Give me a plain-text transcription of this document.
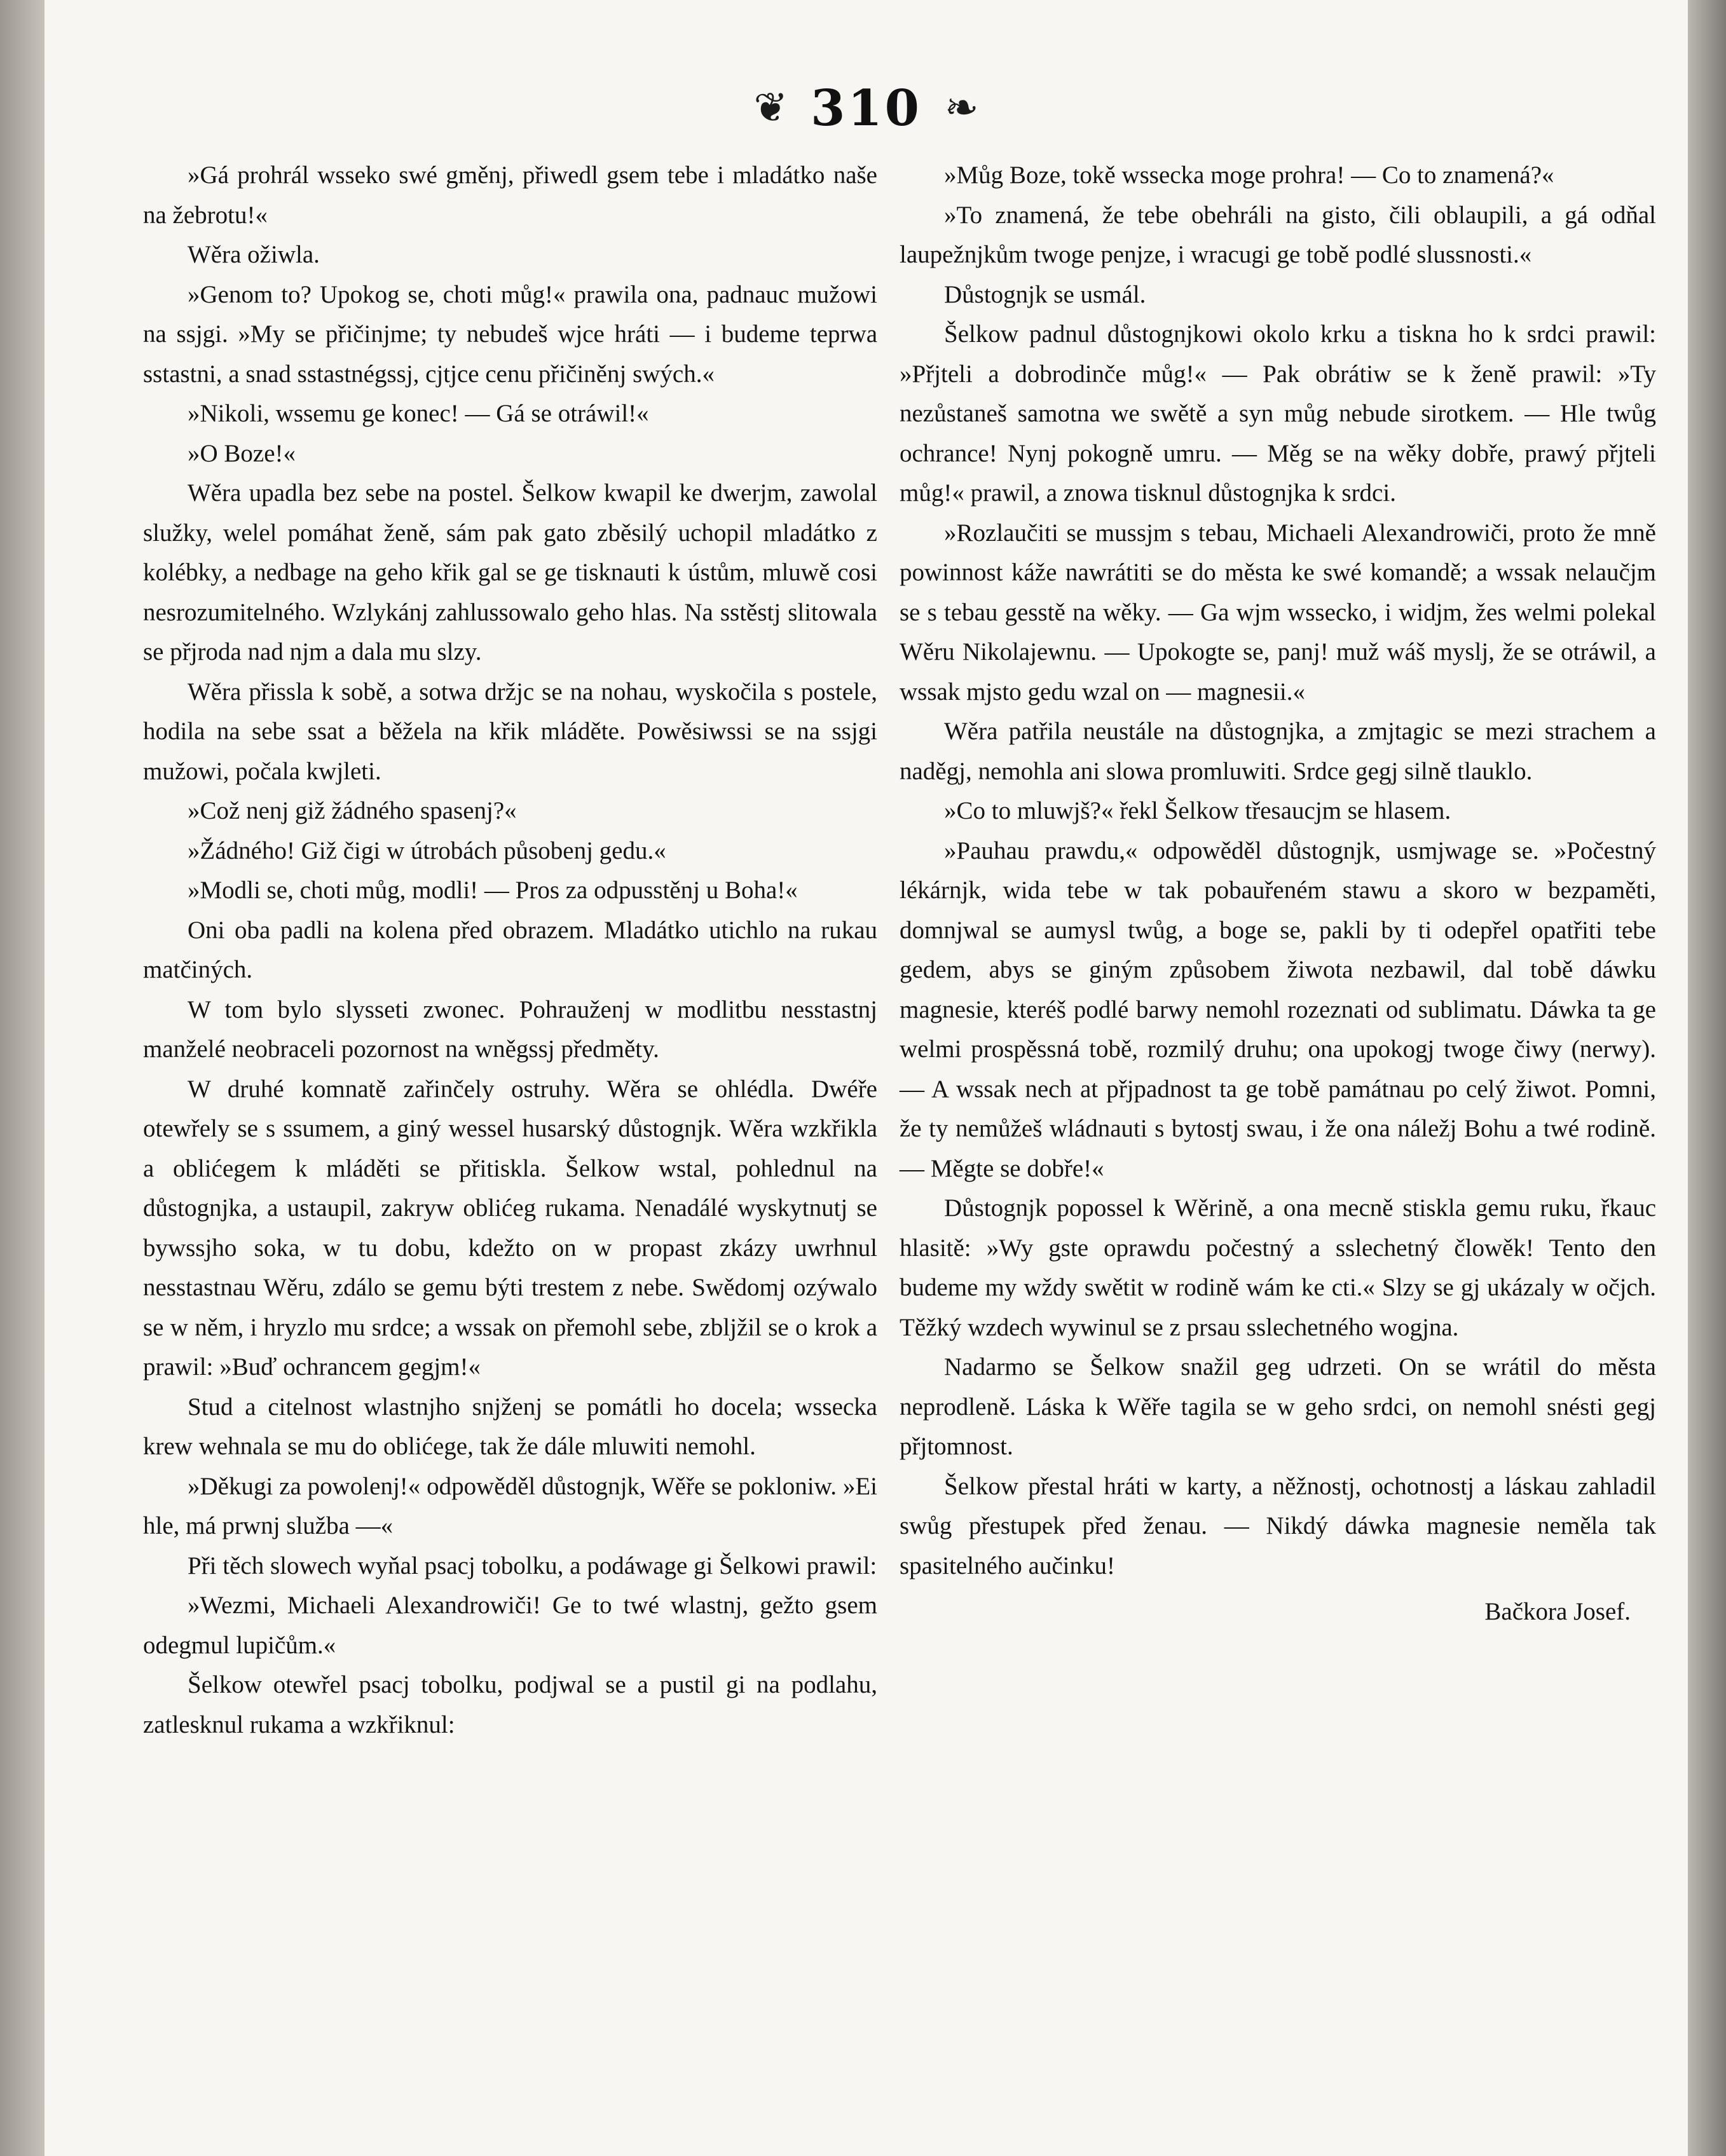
❦ 310 ❧

»Gá prohrál wsseko swé gměnj, přiwedl gsem tebe i mladátko naše na žebrotu!«

Wěra ožiwla.

»Genom to? Upokog se, choti můg!« prawila ona, padnauc mužowi na ssjgi. »My se přičinjme; ty nebudeš wjce hráti — i budeme teprwa sstastni, a snad sstastnégssj, cjtjce cenu přičiněnj swých.«

»Nikoli, wssemu ge konec! — Gá se otráwil!«

»O Boze!«

Wěra upadla bez sebe na postel. Šelkow kwapil ke dwerjm, zawolal služky, welel pomáhat ženě, sám pak gato zběsilý uchopil mladátko z kolébky, a nedbage na geho křik gal se ge tisknauti k ústům, mluwě cosi nesrozumitelného. Wzlykánj zahlussowalo geho hlas. Na sstěstj slitowala se přjroda nad njm a dala mu slzy.

Wěra přissla k sobě, a sotwa držjc se na nohau, wyskočila s postele, hodila na sebe ssat a běžela na křik mláděte. Powěsiwssi se na ssjgi mužowi, počala kwjleti.

»Což nenj giž žádného spasenj?«

»Žádného! Giž čigi w útrobách působenj gedu.«

»Modli se, choti můg, modli! — Pros za odpusstěnj u Boha!«

Oni oba padli na kolena před obrazem. Mladátko utichlo na rukau matčiných.

W tom bylo slysseti zwonec. Pohrauženj w modlitbu nesstastnj manželé neobraceli pozornost na wněgssj předměty.

W druhé komnatě zařinčely ostruhy. Wěra se ohlédla. Dwéře otewřely se s ssumem, a giný wessel husarský důstognjk. Wěra wzkřikla a oblićegem k mláděti se přitiskla. Šelkow wstal, pohlednul na důstognjka, a ustaupil, zakryw oblićeg rukama. Nenadálé wyskytnutj se bywssjho soka, w tu dobu, kdežto on w propast zkázy uwrhnul nesstastnau Wěru, zdálo se gemu býti trestem z nebe. Swědomj ozýwalo se w něm, i hryzlo mu srdce; a wssak on přemohl sebe, zbljžil se o krok a prawil: »Buď ochrancem gegjm!«

Stud a citelnost wlastnjho snjženj se pomátli ho docela; wssecka krew wehnala se mu do oblićege, tak že dále mluwiti nemohl.

»Děkugi za powolenj!« odpowěděl důstognjk, Wěře se pokloniw. »Ei hle, má prwnj služba —«

Při těch slowech wyňal psacj tobolku, a podáwage gi Šelkowi prawil:

»Wezmi, Michaeli Alexandrowiči! Ge to twé wlastnj, gežto gsem odegmul lupičům.«

Šelkow otewřel psacj tobolku, podjwal se a pustil gi na podlahu, zatlesknul rukama a wzkřiknul:

»Můg Boze, tokě wssecka moge prohra! — Co to znamená?«

»To znamená, že tebe obehráli na gisto, čili oblaupili, a gá odňal laupežnjkům twoge penjze, i wracugi ge tobě podlé slussnosti.«

Důstognjk se usmál.

Šelkow padnul důstognjkowi okolo krku a tiskna ho k srdci prawil: »Přjteli a dobrodinče můg!« — Pak obrátiw se k ženě prawil: »Ty nezůstaneš samotna we swětě a syn můg nebude sirotkem. — Hle twůg ochrance! Nynj pokogně umru. — Měg se na wěky dobře, prawý přjteli můg!« prawil, a znowa tisknul důstognjka k srdci.

»Rozlaučiti se mussjm s tebau, Michaeli Alexandrowiči, proto že mně powinnost káže nawrátiti se do města ke swé komandě; a wssak nelaučjm se s tebau gesstě na wěky. — Ga wjm wssecko, i widjm, žes welmi polekal Wěru Nikolajewnu. — Upokogte se, panj! muž wáš myslj, že se otráwil, a wssak mjsto gedu wzal on — magnesii.«

Wěra patřila neustále na důstognjka, a zmjtagic se mezi strachem a naděgj, nemohla ani slowa promluwiti. Srdce gegj silně tlauklo.

»Co to mluwjš?« řekl Šelkow třesaucjm se hlasem.

»Pauhau prawdu,« odpowěděl důstognjk, usmjwage se. »Počestný lékárnjk, wida tebe w tak pobauřeném stawu a skoro w bezpaměti, domnjwal se aumysl twůg, a boge se, pakli by ti odepřel opatřiti tebe gedem, abys se giným způsobem žiwota nezbawil, dal tobě dáwku magnesie, kteréš podlé barwy nemohl rozeznati od sublimatu. Dáwka ta ge welmi prospěssná tobě, rozmilý druhu; ona upokogj twoge čiwy (nerwy). — A wssak nech at přjpadnost ta ge tobě památnau po celý žiwot. Pomni, že ty nemůžeš wládnauti s bytostj swau, i že ona náležj Bohu a twé rodině. — Měgte se dobře!«

Důstognjk popossel k Wěrině, a ona mecně stiskla gemu ruku, řkauc hlasitě: »Wy gste oprawdu počestný a sslechetný člowěk! Tento den budeme my wždy swětit w rodině wám ke cti.« Slzy se gj ukázaly w očjch. Těžký wzdech wywinul se z prsau sslechetného wogjna.

Nadarmo se Šelkow snažil geg udrzeti. On se wrátil do města neprodleně. Láska k Wěře tagila se w geho srdci, on nemohl snésti gegj přjtomnost.

Šelkow přestal hráti w karty, a něžnostj, ochotnostj a láskau zahladil swůg přestupek před ženau. — Nikdý dáwka magnesie neměla tak spasitelného aučinku!

Bačkora Josef.
